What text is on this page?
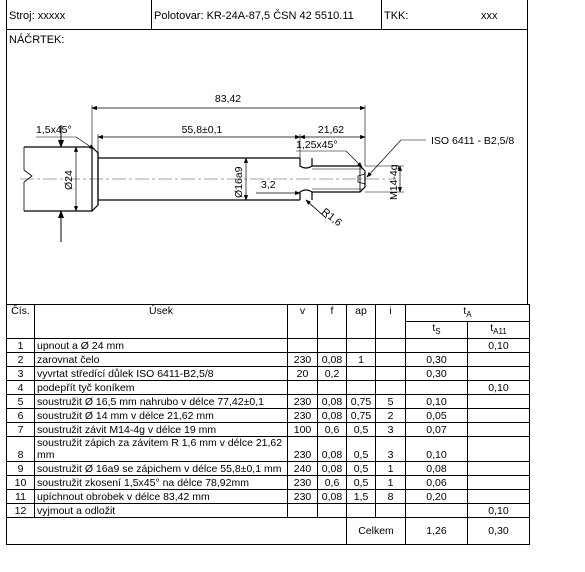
Stroj: xxxxx	Polotovar: KR-24A-87,5 ČSN 42 5510.11	TKK:	xxx
NÁČRTEK:
83,42
55,8±0,1	21,62
1,5x45°
1,25x45°	ISO 6411 - B2,5/8
Ø24	Ø16a9 3,2	M14-4g
R1,6
Čís.	Úsek	v	f	ap	i	$t_A$
						$t_S$	$t_{A11}$
1	upnout a Ø 24 mm						0,10
2	zarovnat čelo	230	0,08	1		0,30	
3	vyvrtat středící důlek ISO 6411-B2,5/8	20	0,2			0,30	
4	podepřít tyč koníkem						0,10
5	soustružit Ø 16,5 mm nahrubo v délce 77,42±0,1	230	0,08	0,75	5	0,10	
6	soustružit Ø 14 mm v délce 21,62 mm	230	0,08	0,75	2	0,05	
7	soustružit závit M14-4g v délce 19 mm	100	0,6	0,5	3	0,07	
8	soustružit zápich za závitem R 1,6 mm v délce 21,62 mm	230	0,08	0,5	3	0,10	
9	soustružit Ø 16a9 se zápichem v délce 55,8±0,1 mm	240	0,08	0,5	1	0,08	
10	soustružit zkosení 1,5x45° na délce 78,92mm	230	0,6	0,5	1	0,06	
11	upíchnout obrobek v délce 83,42 mm	230	0,08	1,5	8	0,20	
12	vyjmout a odložit						0,10
				Celkem		1,26	0,30
